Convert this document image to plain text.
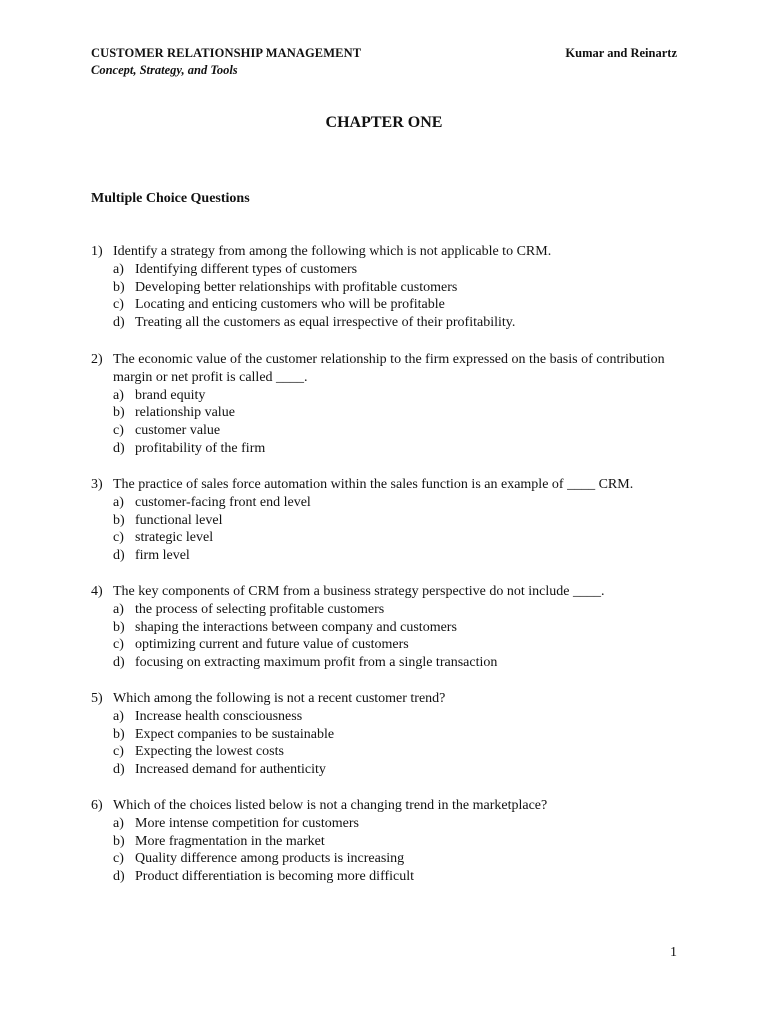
CUSTOMER RELATIONSHIP MANAGEMENT
Concept, Strategy, and Tools
Kumar and Reinartz
CHAPTER ONE
Multiple Choice Questions
1) Identify a strategy from among the following which is not applicable to CRM.
a) Identifying different types of customers
b) Developing better relationships with profitable customers
c) Locating and enticing customers who will be profitable
d) Treating all the customers as equal irrespective of their profitability.
2) The economic value of the customer relationship to the firm expressed on the basis of contribution margin or net profit is called ____.
a) brand equity
b) relationship value
c) customer value
d) profitability of the firm
3) The practice of sales force automation within the sales function is an example of ____ CRM.
a) customer-facing front end level
b) functional level
c) strategic level
d) firm level
4) The key components of CRM from a business strategy perspective do not include ____.
a) the process of selecting profitable customers
b) shaping the interactions between company and customers
c) optimizing current and future value of customers
d) focusing on extracting maximum profit from a single transaction
5) Which among the following is not a recent customer trend?
a) Increase health consciousness
b) Expect companies to be sustainable
c) Expecting the lowest costs
d) Increased demand for authenticity
6) Which of the choices listed below is not a changing trend in the marketplace?
a) More intense competition for customers
b) More fragmentation in the market
c) Quality difference among products is increasing
d) Product differentiation is becoming more difficult
1
